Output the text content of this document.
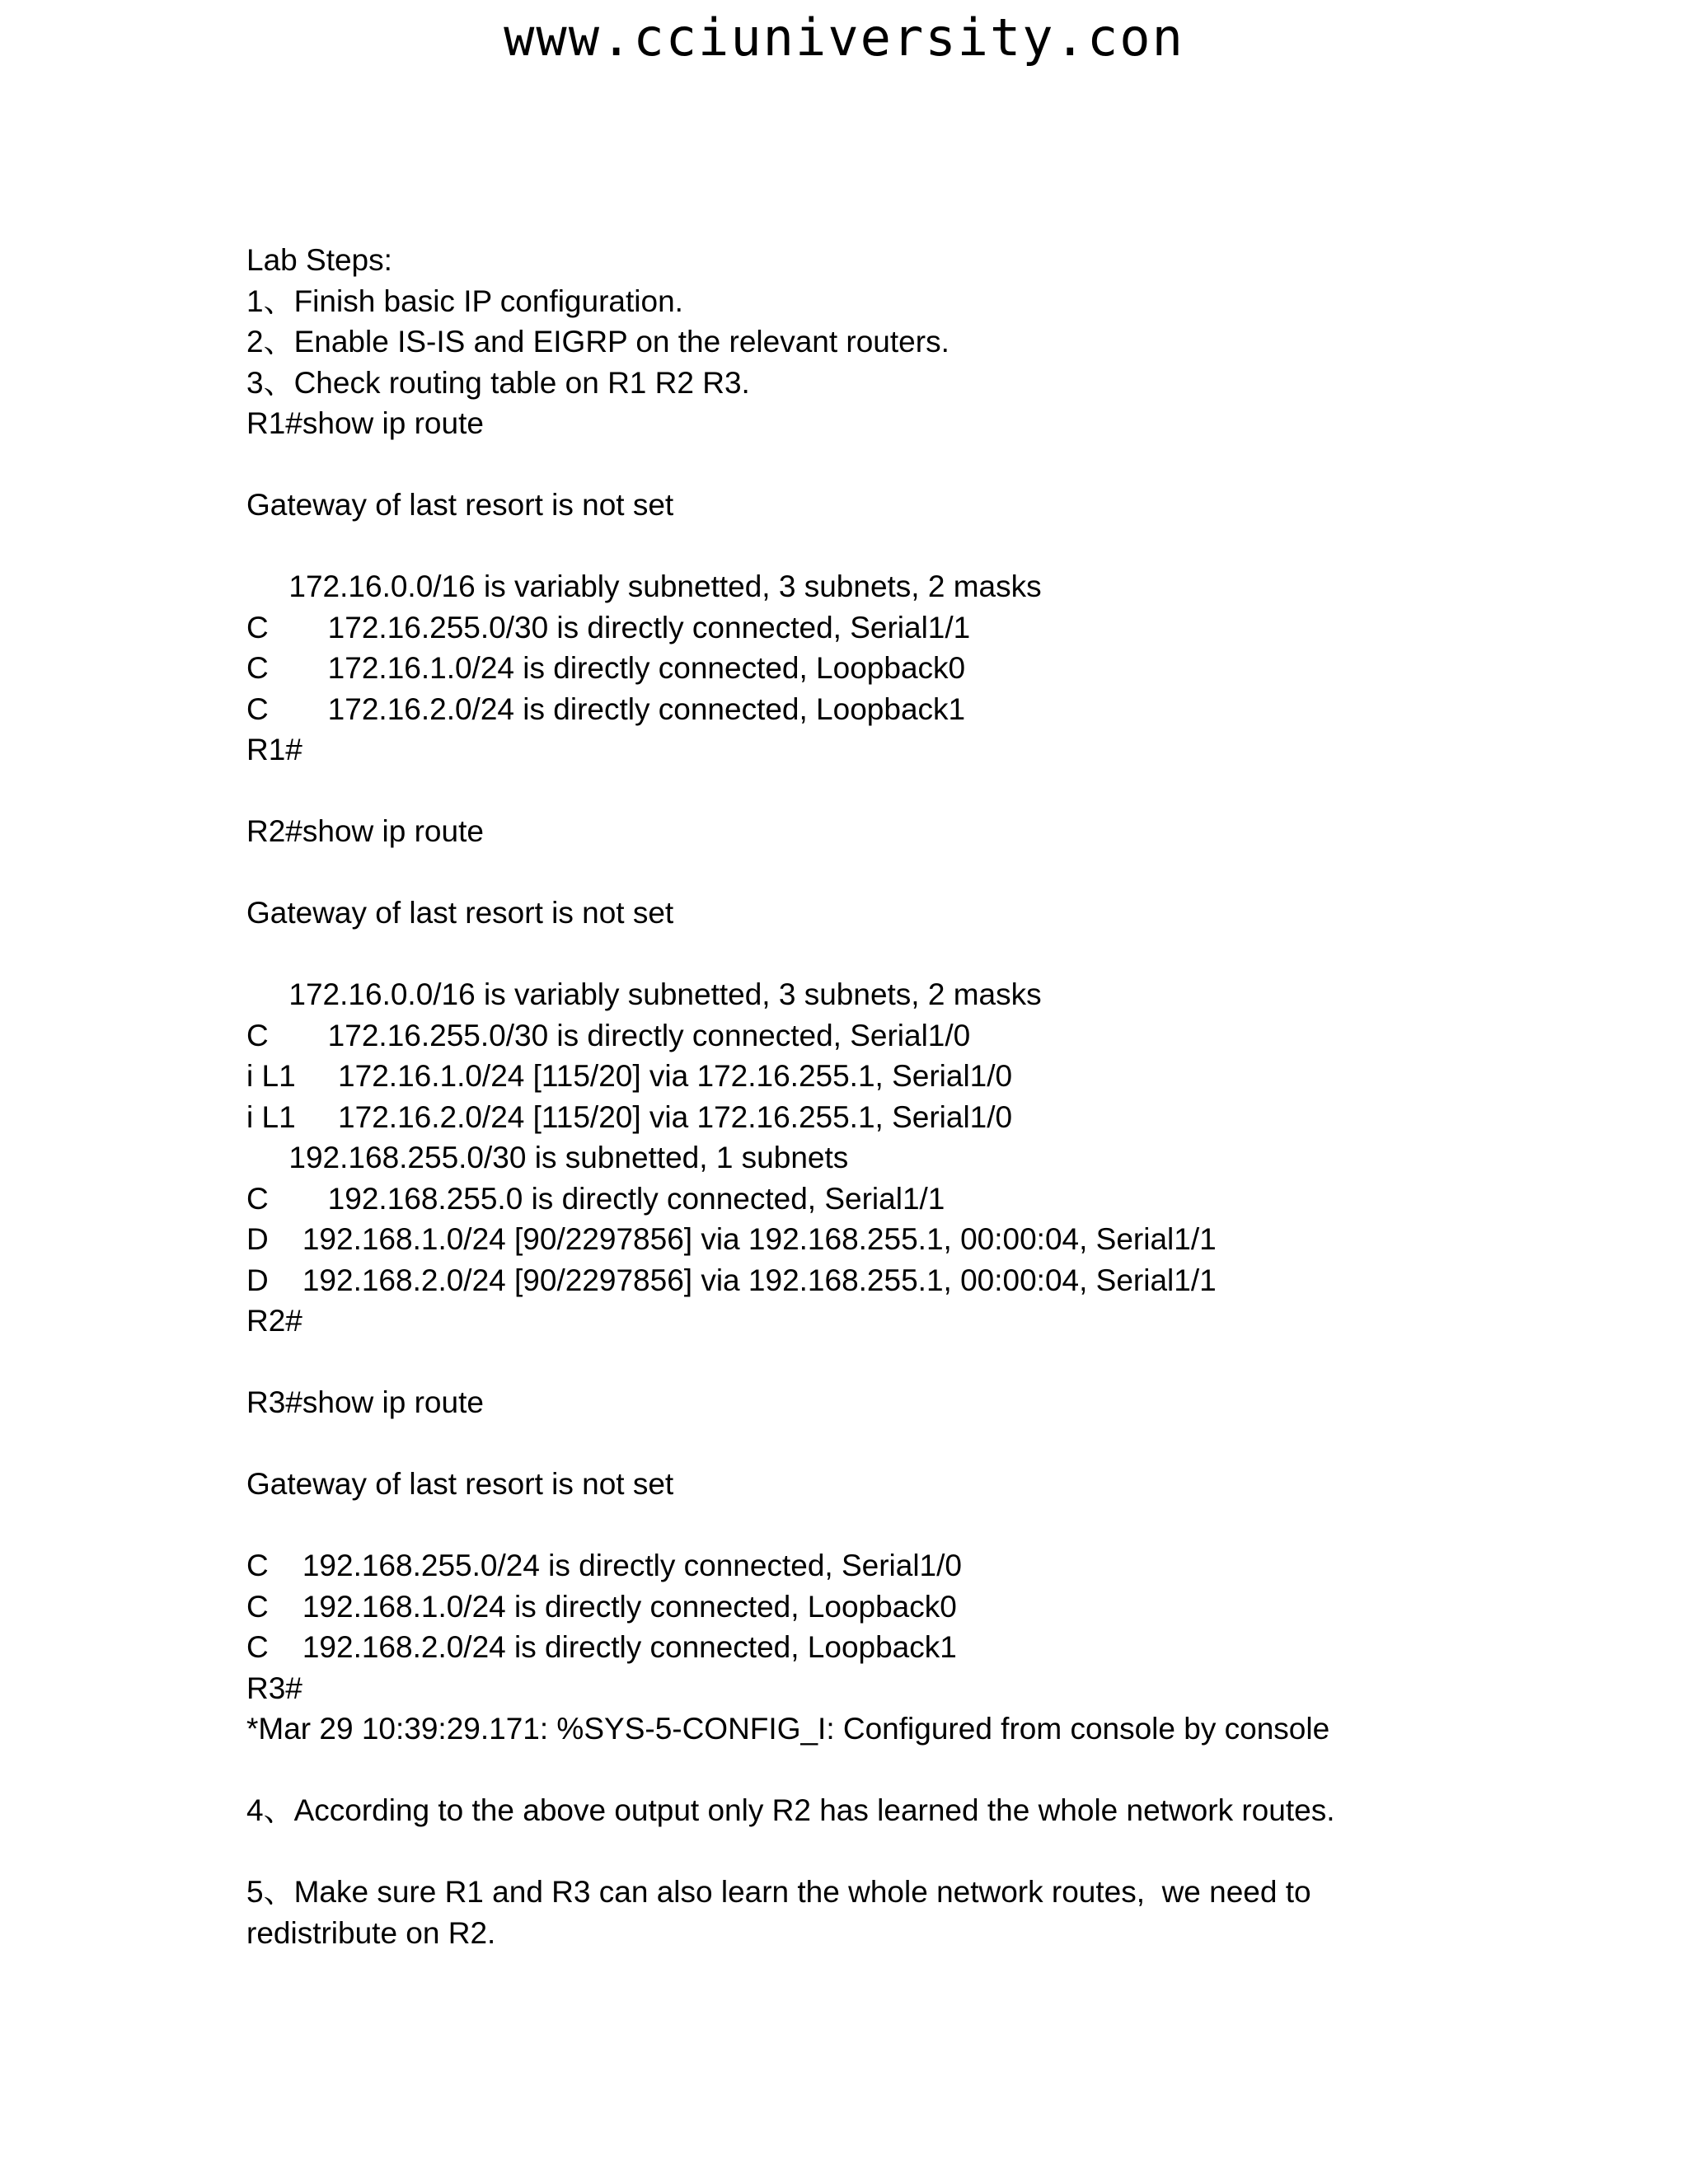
www.cciuniversity.con
Lab Steps:
1、Finish basic IP configuration.
2、Enable IS-IS and EIGRP on the relevant routers.
3、Check routing table on R1 R2 R3.
R1#show ip route
Gateway of last resort is not set
172.16.0.0/16 is variably subnetted, 3 subnets, 2 masks
C       172.16.255.0/30 is directly connected, Serial1/1
C       172.16.1.0/24 is directly connected, Loopback0
C       172.16.2.0/24 is directly connected, Loopback1
R1#
R2#show ip route
Gateway of last resort is not set
172.16.0.0/16 is variably subnetted, 3 subnets, 2 masks
C       172.16.255.0/30 is directly connected, Serial1/0
i L1     172.16.1.0/24 [115/20] via 172.16.255.1, Serial1/0
i L1     172.16.2.0/24 [115/20] via 172.16.255.1, Serial1/0
192.168.255.0/30 is subnetted, 1 subnets
C       192.168.255.0 is directly connected, Serial1/1
D    192.168.1.0/24 [90/2297856] via 192.168.255.1, 00:00:04, Serial1/1
D    192.168.2.0/24 [90/2297856] via 192.168.255.1, 00:00:04, Serial1/1
R2#
R3#show ip route
Gateway of last resort is not set
C    192.168.255.0/24 is directly connected, Serial1/0
C    192.168.1.0/24 is directly connected, Loopback0
C    192.168.2.0/24 is directly connected, Loopback1
R3#
*Mar 29 10:39:29.171: %SYS-5-CONFIG_I: Configured from console by console
4、According to the above output only R2 has learned the whole network routes.
5、Make sure R1 and R3 can also learn the whole network routes,  we need to
redistribute on R2.
